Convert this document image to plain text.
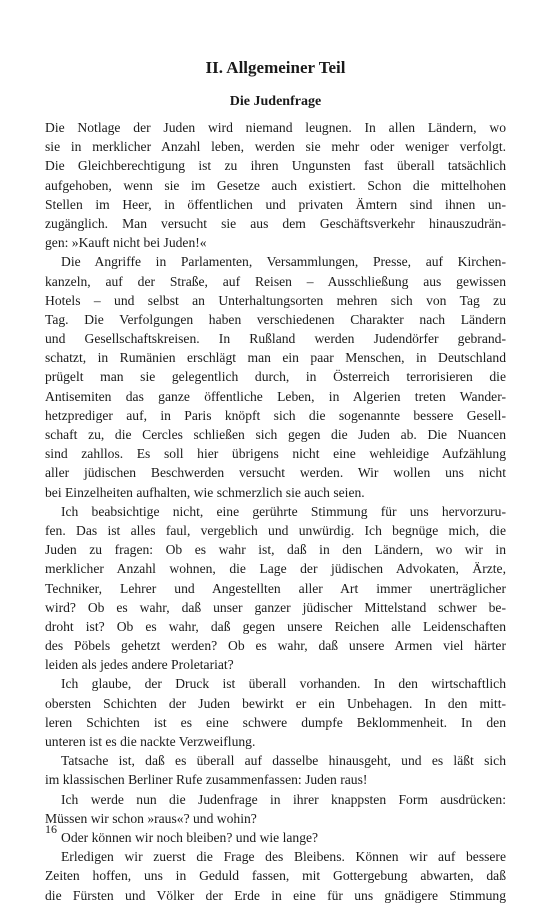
II. Allgemeiner Teil
Die Judenfrage
Die Notlage der Juden wird niemand leugnen. In allen Ländern, wo
sie in merklicher Anzahl leben, werden sie mehr oder weniger verfolgt.
Die Gleichberechtigung ist zu ihren Ungunsten fast überall tatsächlich
aufgehoben, wenn sie im Gesetze auch existiert. Schon die mittelhohen
Stellen im Heer, in öffentlichen und privaten Ämtern sind ihnen un-
zugänglich. Man versucht sie aus dem Geschäftsverkehr hinauszudrän-
gen: »Kauft nicht bei Juden!«
Die Angriffe in Parlamenten, Versammlungen, Presse, auf Kirchen-
kanzeln, auf der Straße, auf Reisen – Ausschließung aus gewissen
Hotels – und selbst an Unterhaltungsorten mehren sich von Tag zu
Tag. Die Verfolgungen haben verschiedenen Charakter nach Ländern
und Gesellschaftskreisen. In Rußland werden Judendörfer gebrand-
schatzt, in Rumänien erschlägt man ein paar Menschen, in Deutschland
prügelt man sie gelegentlich durch, in Österreich terrorisieren die
Antisemiten das ganze öffentliche Leben, in Algerien treten Wander-
hetzprediger auf, in Paris knöpft sich die sogenannte bessere Gesell-
schaft zu, die Cercles schließen sich gegen die Juden ab. Die Nuancen
sind zahllos. Es soll hier übrigens nicht eine wehleidige Aufzählung
aller jüdischen Beschwerden versucht werden. Wir wollen uns nicht
bei Einzelheiten aufhalten, wie schmerzlich sie auch seien.
Ich beabsichtige nicht, eine gerührte Stimmung für uns hervorzuru-
fen. Das ist alles faul, vergeblich und unwürdig. Ich begnüge mich, die
Juden zu fragen: Ob es wahr ist, daß in den Ländern, wo wir in
merklicher Anzahl wohnen, die Lage der jüdischen Advokaten, Ärzte,
Techniker, Lehrer und Angestellten aller Art immer unerträglicher
wird? Ob es wahr, daß unser ganzer jüdischer Mittelstand schwer be-
droht ist? Ob es wahr, daß gegen unsere Reichen alle Leidenschaften
des Pöbels gehetzt werden? Ob es wahr, daß unsere Armen viel härter
leiden als jedes andere Proletariat?
Ich glaube, der Druck ist überall vorhanden. In den wirtschaftlich
obersten Schichten der Juden bewirkt er ein Unbehagen. In den mitt-
leren Schichten ist es eine schwere dumpfe Beklommenheit. In den
unteren ist es die nackte Verzweiflung.
Tatsache ist, daß es überall auf dasselbe hinausgeht, und es läßt sich
im klassischen Berliner Rufe zusammenfassen: Juden raus!
Ich werde nun die Judenfrage in ihrer knappsten Form ausdrücken:
Müssen wir schon »raus«? und wohin?
Oder können wir noch bleiben? und wie lange?
Erledigen wir zuerst die Frage des Bleibens. Können wir auf bessere
Zeiten hoffen, uns in Geduld fassen, mit Gottergebung abwarten, daß
die Fürsten und Völker der Erde in eine für uns gnädigere Stimmung
16
